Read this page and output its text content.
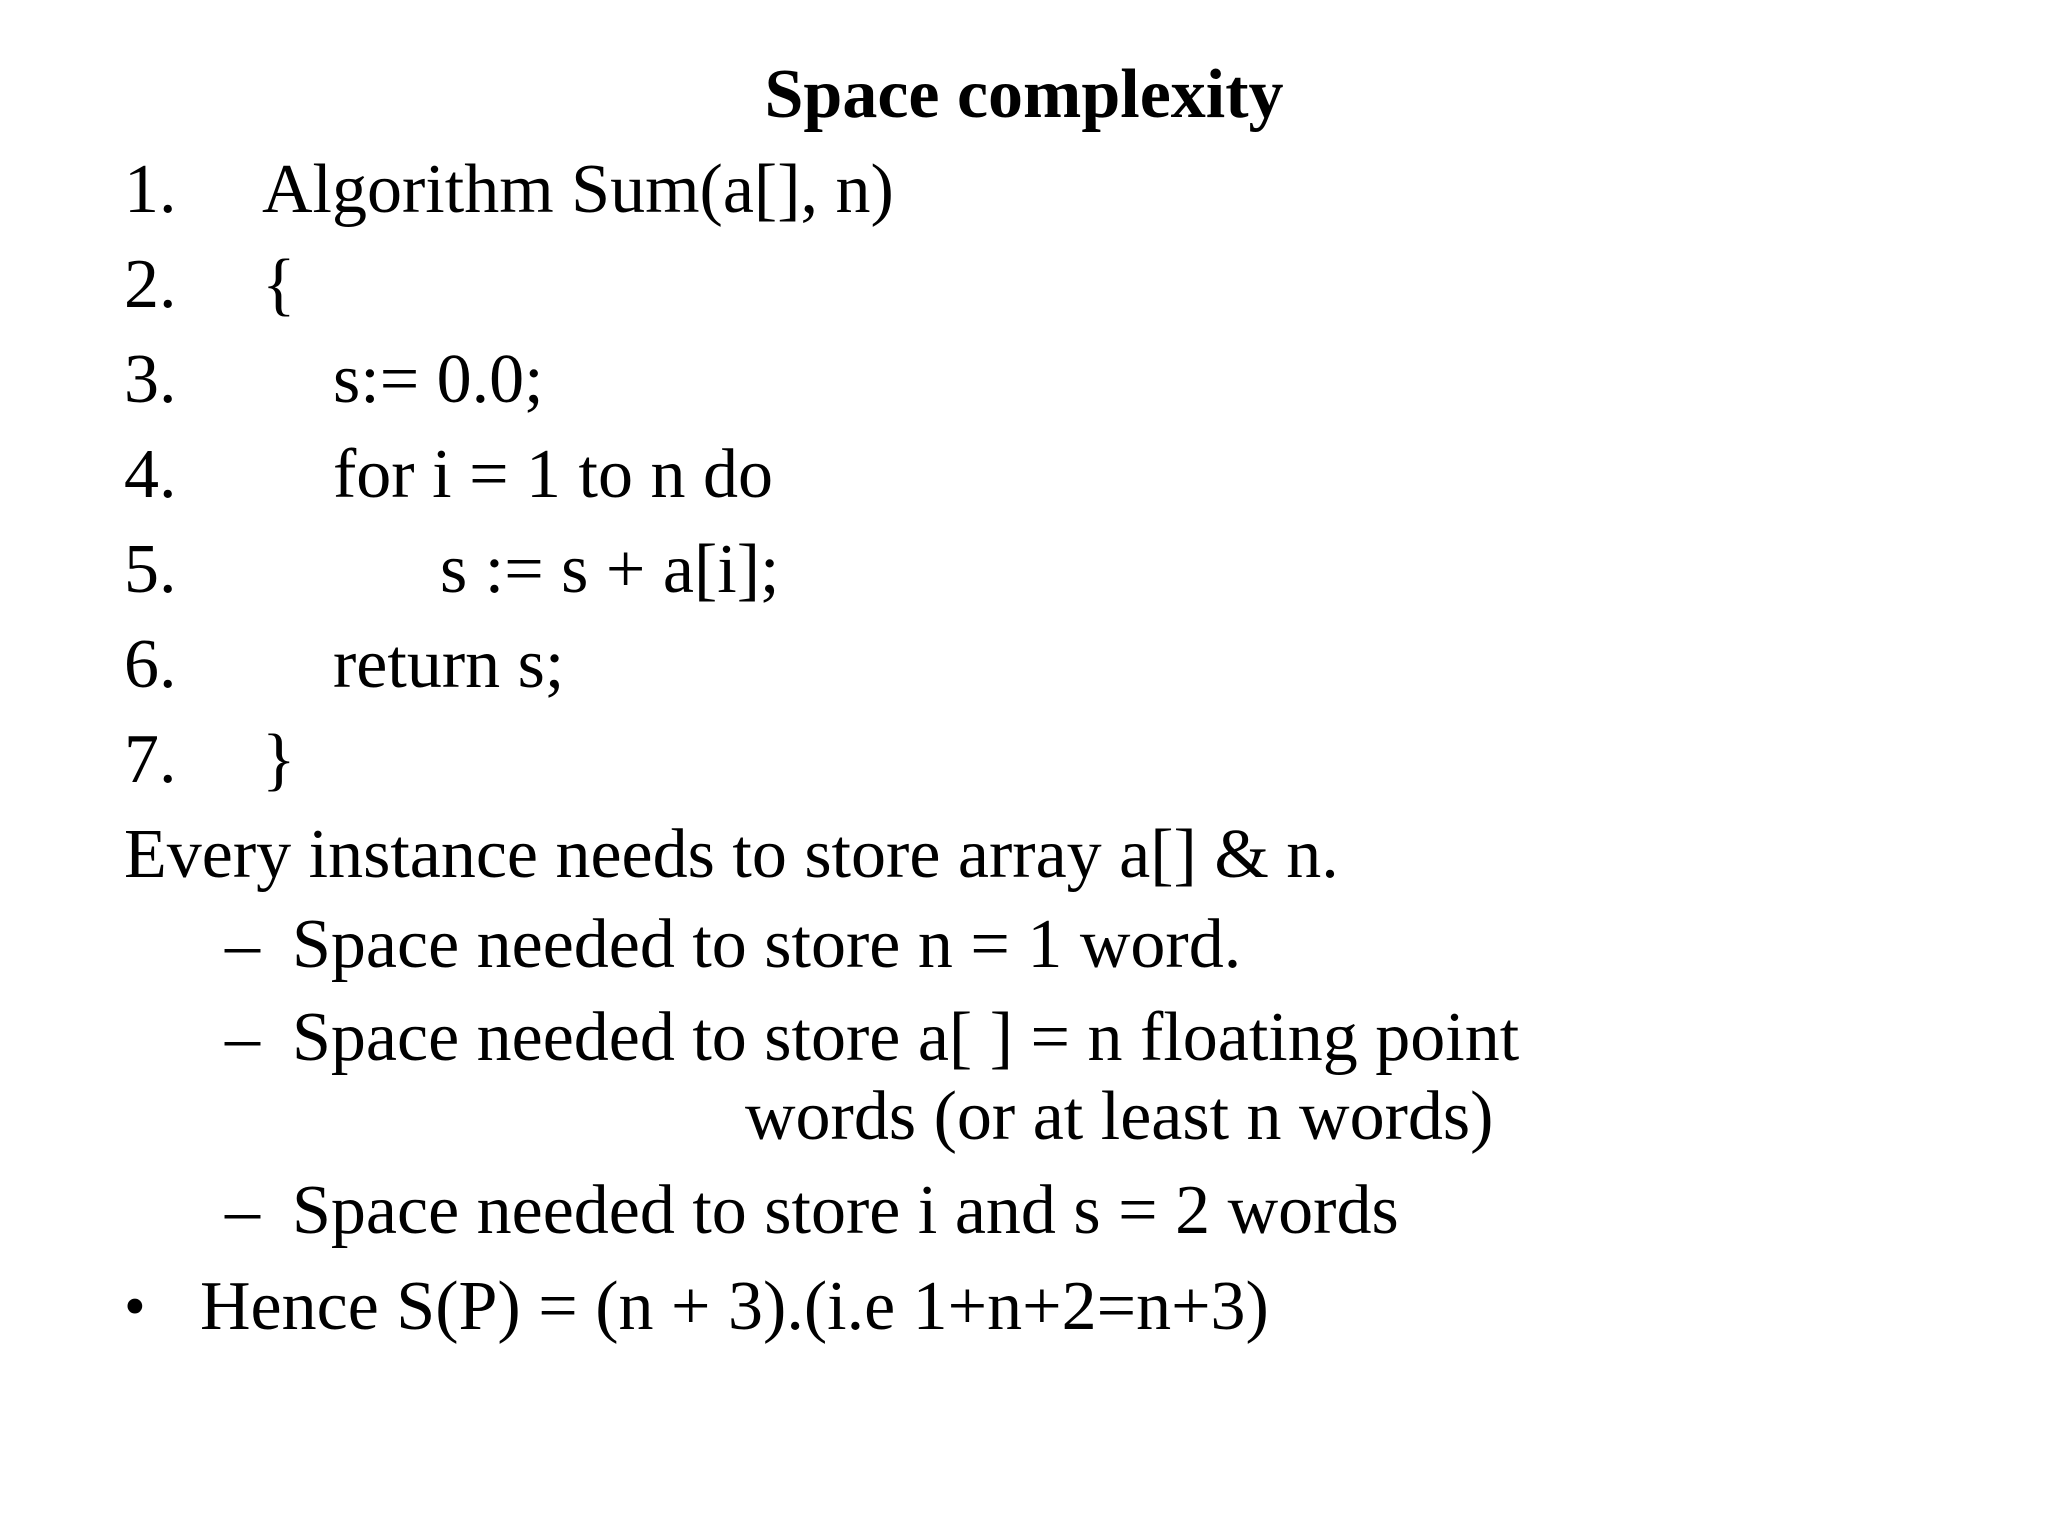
Space complexity
1. Algorithm Sum(a[], n)
2. {
3. s:= 0.0;
4. for i = 1 to n do
5.	s := s + a[i];
6. return s;
7. }
Every instance needs to store array a[] & n.
– Space needed to store n = 1 word.
– Space needed to store a[ ] = n floating point
words (or at least n words)
– Space needed to store i and s = 2 words
• Hence S(P) = (n + 3).(i.e 1+n+2=n+3)
